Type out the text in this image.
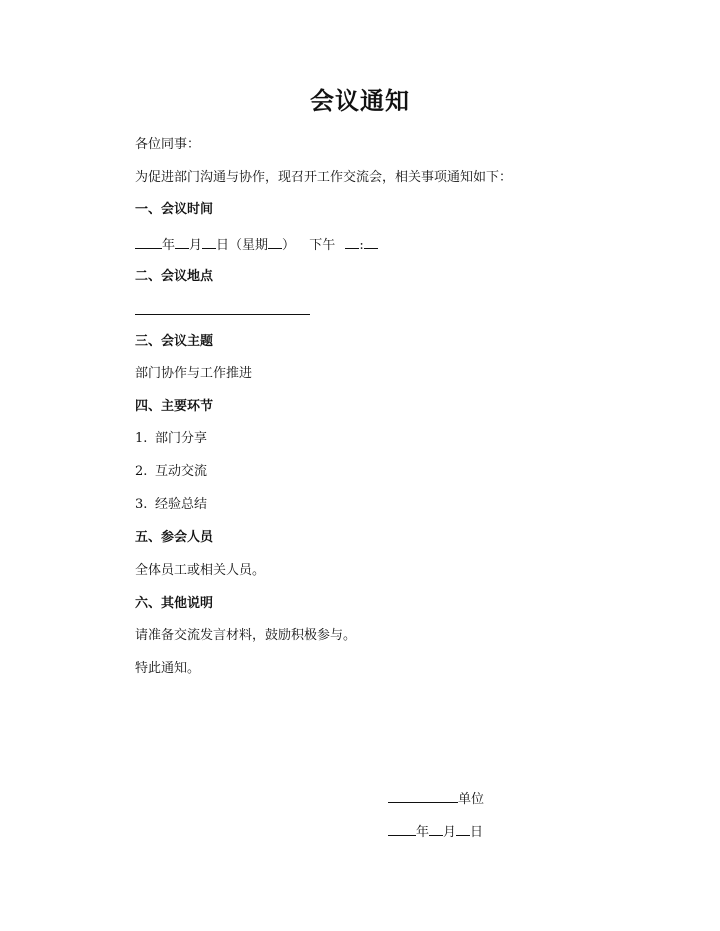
会议通知
各位同事：
为促进部门沟通与协作，现召开工作交流会，相关事项通知如下：
一、会议时间
年 月 日（星期 ） 下午 :
二、会议地点
三、会议主题
部门协作与工作推进
四、主要环节
1. 部门分享
2. 互动交流
3. 经验总结
五、参会人员
全体员工或相关人员。
六、其他说明
请准备交流发言材料，鼓励积极参与。
特此通知。
单位
年 月 日
